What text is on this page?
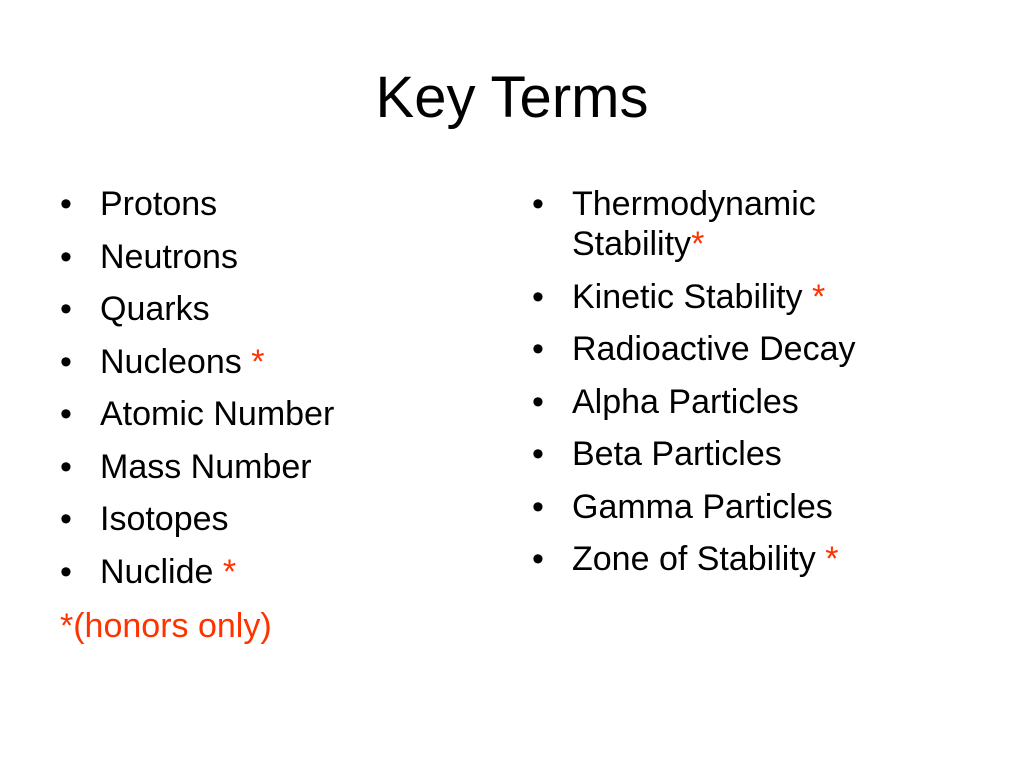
Key Terms
• Protons
• Neutrons
• Quarks
• Nucleons *
• Atomic Number
• Mass Number
• Isotopes
• Nuclide *
*(honors only)
• Thermodynamic Stability*
• Kinetic Stability *
• Radioactive Decay
• Alpha Particles
• Beta Particles
• Gamma Particles
• Zone of Stability *
